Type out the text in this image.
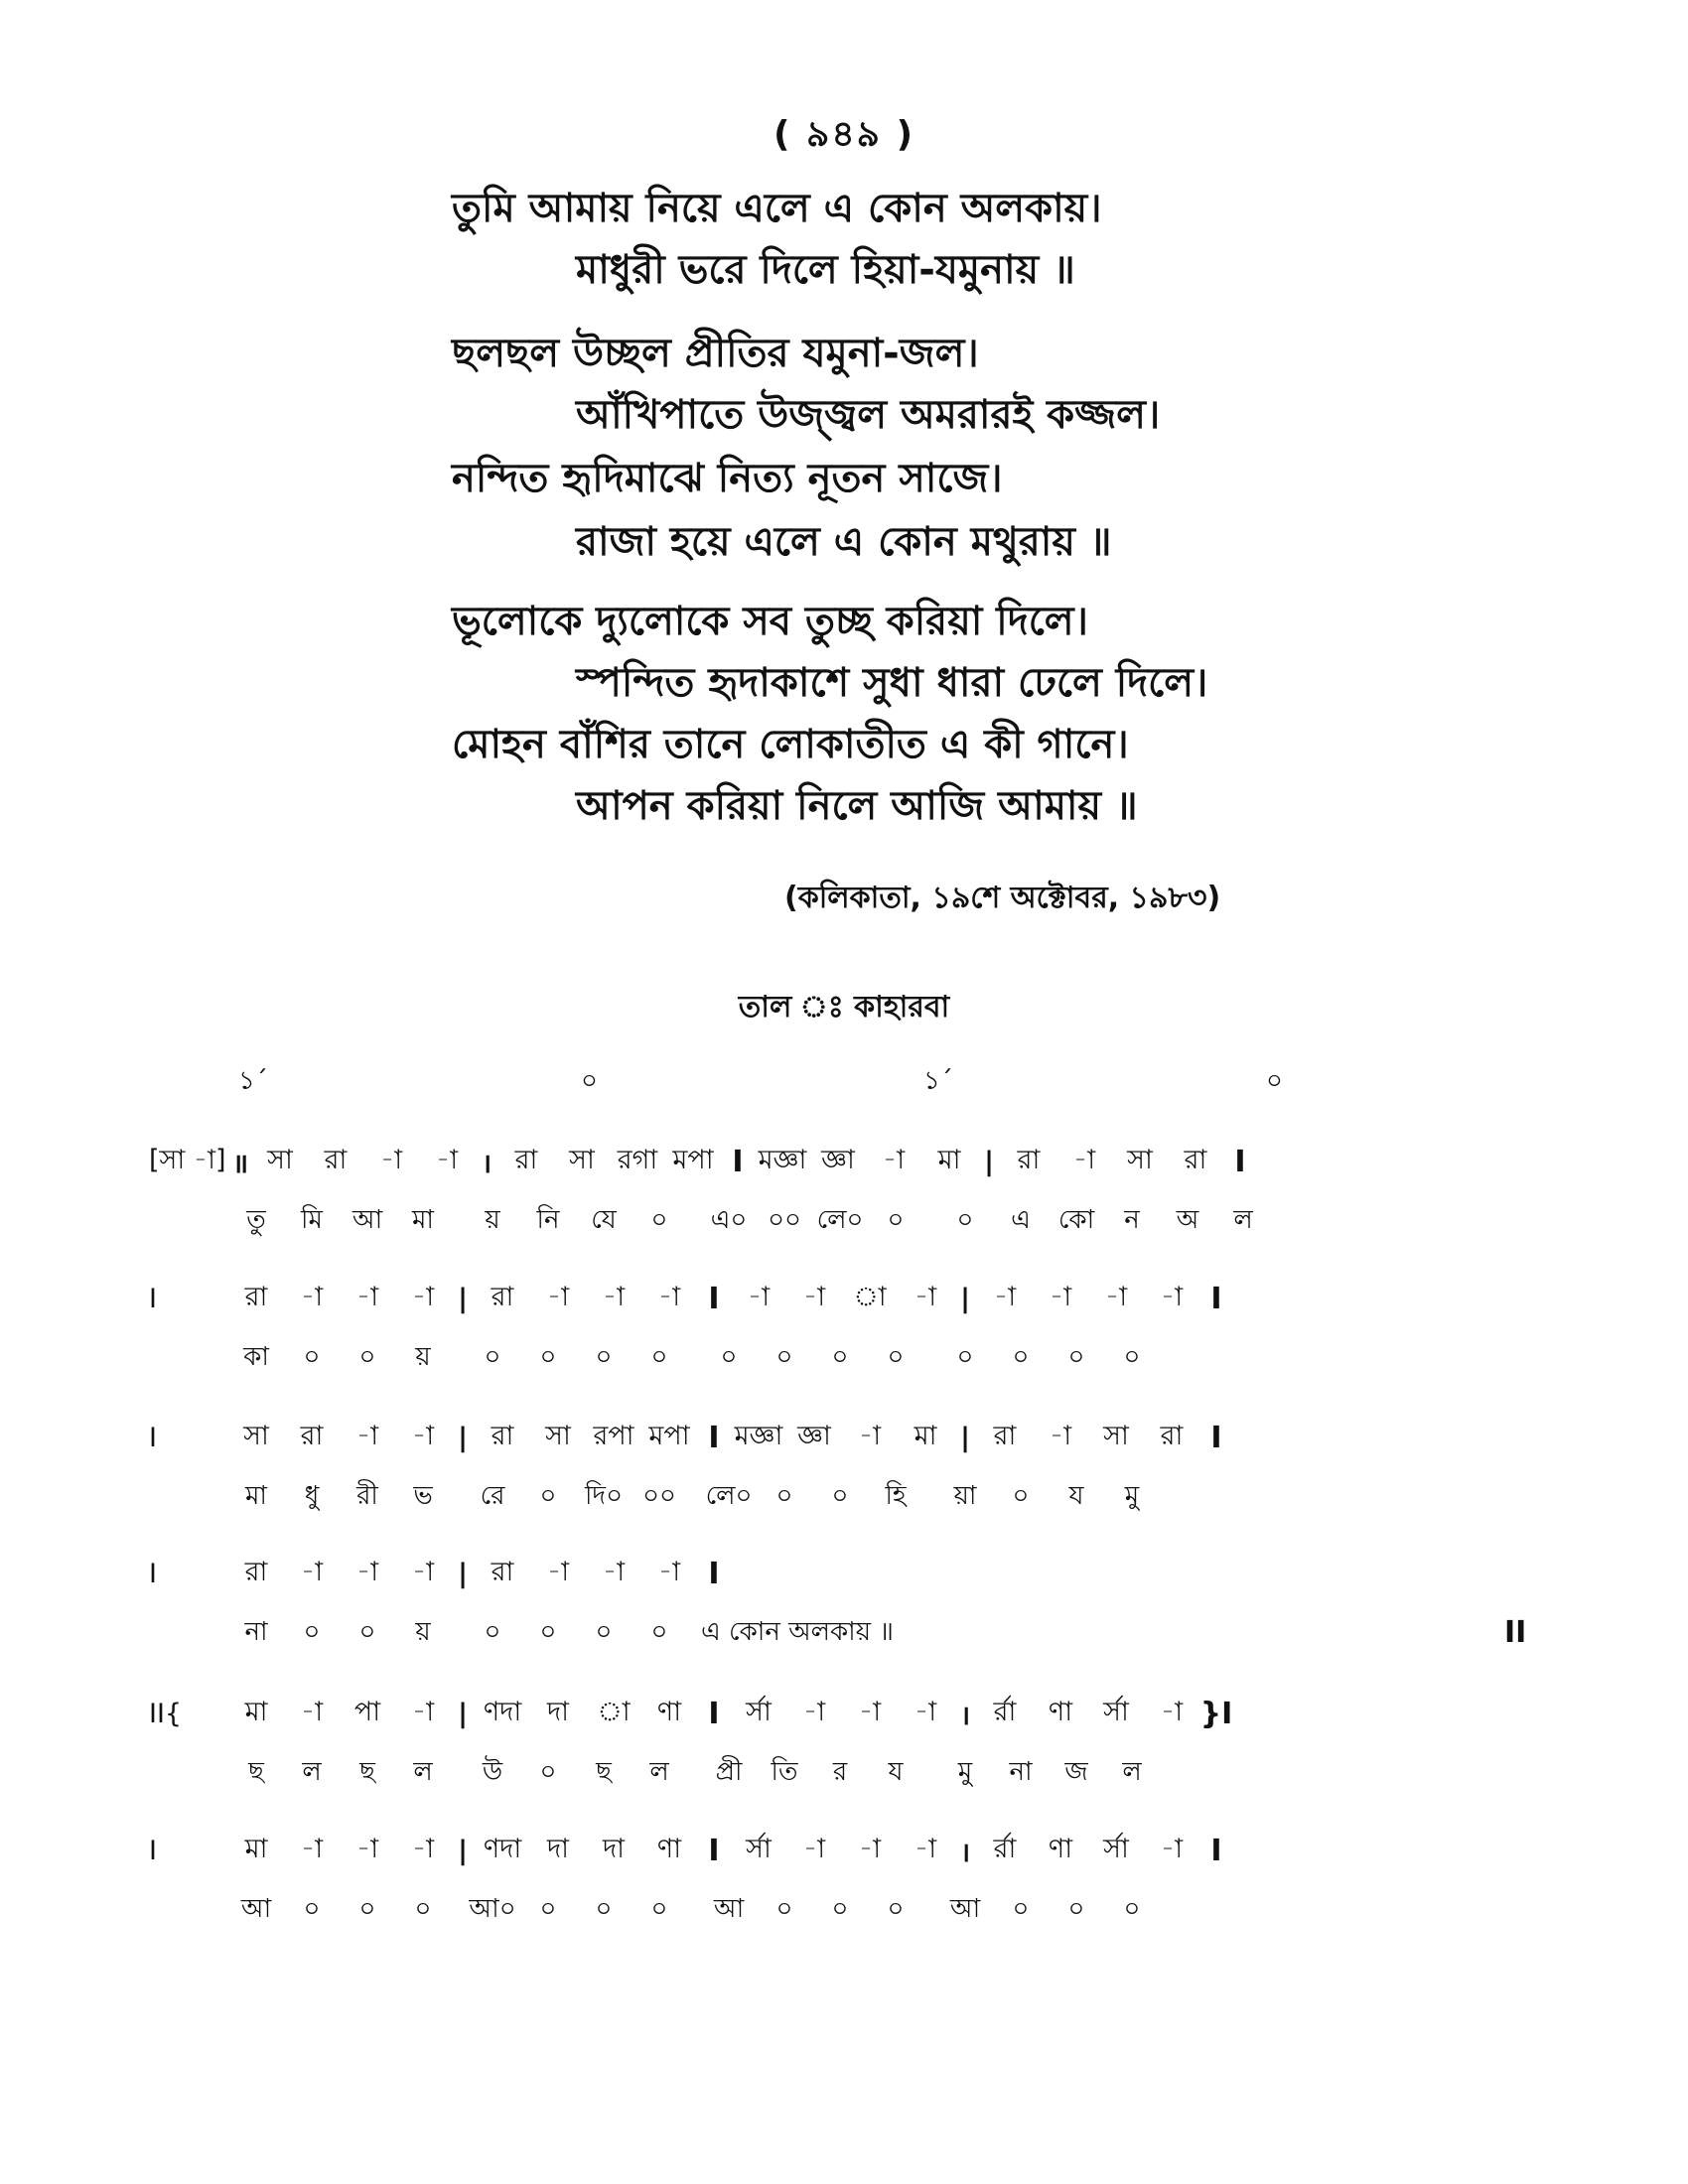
( ৯৪৯ )
তুমি আমায় নিয়ে এলে এ কোন অলকায়।
মাধুরী ভরে দিলে হিয়া-যমুনায় ॥
ছলছল উচ্ছল প্রীতির যমুনা-জল।
আঁখিপাতে উজ্জ্বল অমরারই কজ্জল।
নন্দিত হৃদিমাঝে নিত্য নূতন সাজে।
রাজা হয়ে এলে এ কোন মথুরায় ॥
ভূলোকে দ্যুলোকে সব তুচ্ছ করিয়া দিলে।
স্পন্দিত হৃদাকাশে সুধা ধারা ঢেলে দিলে।
মোহন বাঁশির তানে লোকাতীত এ কী গানে।
আপন করিয়া নিলে আজি আমায় ॥
(কলিকাতা, ১৯শে অক্টোবর, ১৯৮৩)
তাল ঃ কাহারবা
১´	০	১´	০
[সা -া] ॥ সা	রা	-া	-া । রা	সা রগা মপা I মজ্ঞা জ্ঞা	-া	মা | রা	-া	সা	রা I
তু	মি	আ	মা	য়	নি	যে	০	এ০ ০০ লে০ ০	০	এ	কো	ন	অ	ল
I	রা	-া	-া	-া | রা	-া	-া	-া I	-া	-া	া	-া | -া	-া	-া	-া I
কা	০	০	য়	০	০	০	০	০	০	০	০	০	০	০	০
I	সা	রা	-া	-া | রা	সা রপা মপা I মজ্ঞা জ্ঞা	-া	মা | রা	-া	সা	রা I
মা	ধু	রী	ভ	রে	০	দি০ ০০	লে০ ০	০	হি	য়া	০	য	মু
I	রা	-া	-া	-া | রা	-া	-া	-া I
না	০	০	য়	০	০	০	০	এ কোন অলকায় ॥	II
II{	মা	-া	পা	-া | ণদা দা	া	ণা I র্সা	-া	-া	-া । র্রা	ণা	র্সা	-া }I
ছ	ল	ছ	ল	উ	০	ছ	ল	প্রী	তি	র	য	মু	না	জ	ল
I	মা	-া	-া	-া | ণদা দা	দা	ণা I র্সা	-া	-া	-া । র্রা	ণা	র্সা	-া I
আ	০	০	০	আ০ ০	০	০	আ	০	০	০	আ	০	০	০
